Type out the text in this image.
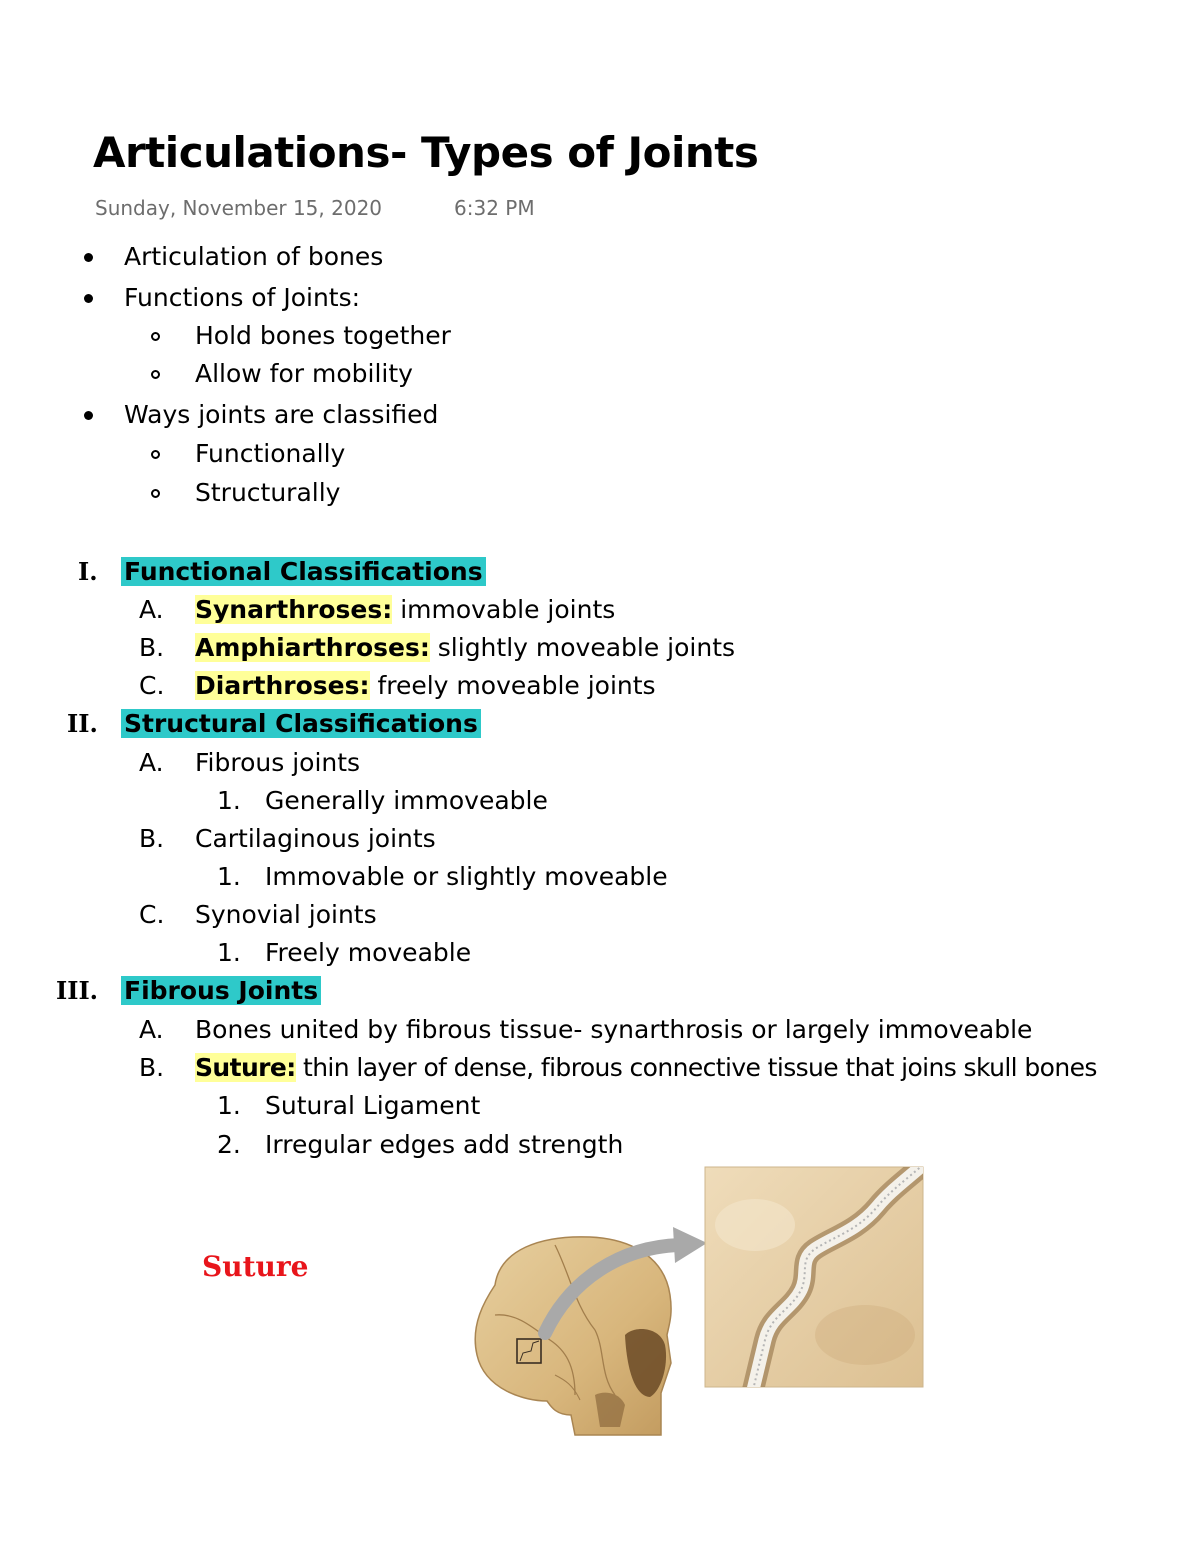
Articulations- Types of Joints
Sunday, November 15, 2020	6:32 PM
Articulation of bones
Functions of Joints:
Hold bones together
Allow for mobility
Ways joints are classified
Functionally
Structurally
I. Functional Classifications
A. Synarthroses: immovable joints
B. Amphiarthroses: slightly moveable joints
C. Diarthroses: freely moveable joints
II. Structural Classifications
A. Fibrous joints
1. Generally immoveable
B. Cartilaginous joints
1. Immovable or slightly moveable
C. Synovial joints
1. Freely moveable
III. Fibrous Joints
A. Bones united by fibrous tissue- synarthrosis or largely immoveable
B. Suture: thin layer of dense, fibrous connective tissue that joins skull bones
1. Sutural Ligament
2. Irregular edges add strength
Suture
